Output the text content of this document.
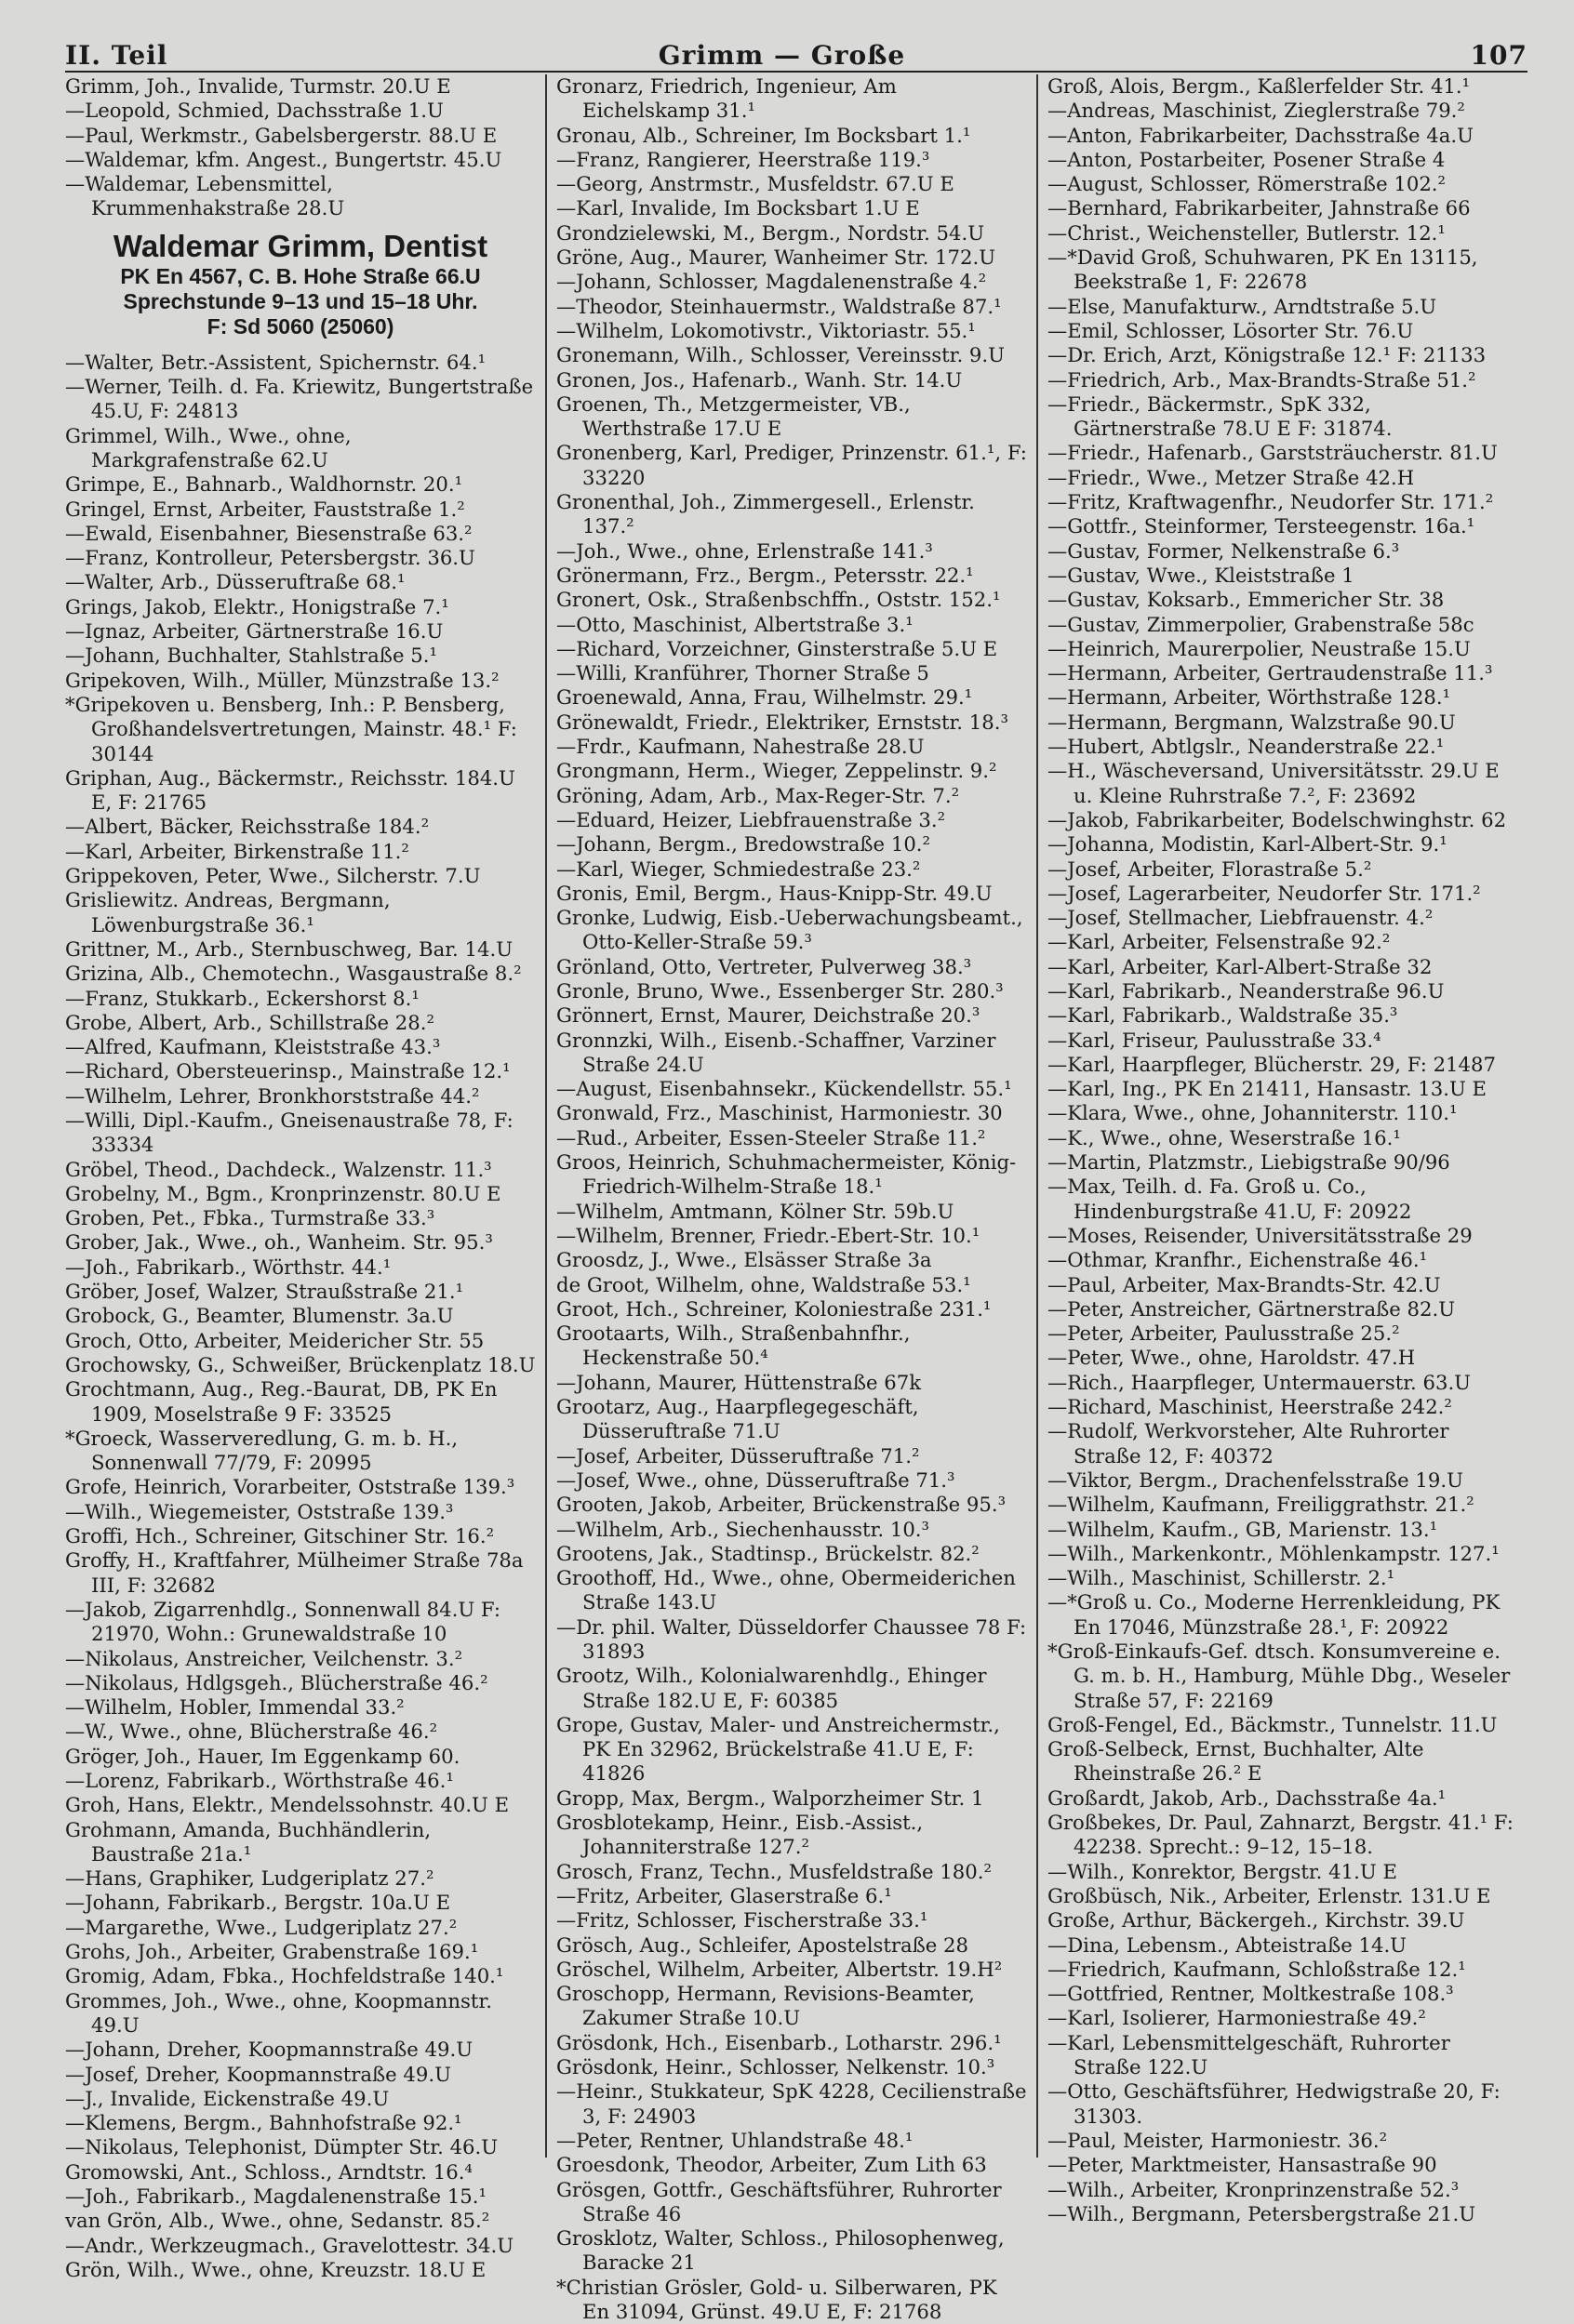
II. Teil	Grimm — Große	107
Grimm, Joh., Invalide, Turmstr. 20.U E
—Leopold, Schmied, Dachsstraße 1.U
—Paul, Werkmstr., Gabelsbergerstr. 88.U E
—Waldemar, kfm. Angest., Bungertstr. 45.U
—Waldemar, Lebensmittel, Krummenhakstraße 28.U
Waldemar Grimm, Dentist
PK En 4567, C. B. Hohe Straße 66.U
Sprechstunde 9–13 und 15–18 Uhr.
F: Sd 5060 (25060)
—Walter, Betr.-Assistent, Spichernstr. 64.¹
—Werner, Teilh. d. Fa. Kriewitz, Bungertstraße 45.U, F: 24813
Grimmel, Wilh., Wwe., ohne, Markgrafenstraße 62.U
Grimpe, E., Bahnarb., Waldhornstr. 20.¹
Gringel, Ernst, Arbeiter, Fauststraße 1.²
—Ewald, Eisenbahner, Biesenstraße 63.²
—Franz, Kontrolleur, Petersbergstr. 36.U
—Walter, Arb., Düsseruftraße 68.¹
Grings, Jakob, Elektr., Honigstraße 7.¹
—Ignaz, Arbeiter, Gärtnerstraße 16.U
—Johann, Buchhalter, Stahlstraße 5.¹
Gripekoven, Wilh., Müller, Münzstraße 13.²
*Gripekoven u. Bensberg, Inh.: P. Bensberg, Großhandelsvertretungen, Mainstr. 48.¹ F: 30144
Griphan, Aug., Bäckermstr., Reichsstr. 184.U E, F: 21765
—Albert, Bäcker, Reichsstraße 184.²
—Karl, Arbeiter, Birkenstraße 11.²
Grippekoven, Peter, Wwe., Silcherstr. 7.U
Grisliewitz. Andreas, Bergmann, Löwenburgstraße 36.¹
Grittner, M., Arb., Sternbuschweg, Bar. 14.U
Grizina, Alb., Chemotechn., Wasgaustraße 8.²
—Franz, Stukkarb., Eckershorst 8.¹
Grobe, Albert, Arb., Schillstraße 28.²
—Alfred, Kaufmann, Kleiststraße 43.³
—Richard, Obersteuerinsp., Mainstraße 12.¹
—Wilhelm, Lehrer, Bronkhorststraße 44.²
—Willi, Dipl.-Kaufm., Gneisenaustraße 78, F: 33334
Gröbel, Theod., Dachdeck., Walzenstr. 11.³
Grobelny, M., Bgm., Kronprinzenstr. 80.U E
Groben, Pet., Fbka., Turmstraße 33.³
Grober, Jak., Wwe., oh., Wanheim. Str. 95.³
—Joh., Fabrikarb., Wörthstr. 44.¹
Gröber, Josef, Walzer, Straußstraße 21.¹
Grobock, G., Beamter, Blumenstr. 3a.U
Groch, Otto, Arbeiter, Meidericher Str. 55
Grochowsky, G., Schweißer, Brückenplatz 18.U
Grochtmann, Aug., Reg.-Baurat, DB, PK En 1909, Moselstraße 9 F: 33525
*Groeck, Wasserveredlung, G. m. b. H., Sonnenwall 77/79, F: 20995
Grofe, Heinrich, Vorarbeiter, Oststraße 139.³
—Wilh., Wiegemeister, Oststraße 139.³
Groffi, Hch., Schreiner, Gitschiner Str. 16.²
Groffy, H., Kraftfahrer, Mülheimer Straße 78a III, F: 32682
—Jakob, Zigarrenhdlg., Sonnenwall 84.U F: 21970, Wohn.: Grunewaldstraße 10
—Nikolaus, Anstreicher, Veilchenstr. 3.²
—Nikolaus, Hdlgsgeh., Blücherstraße 46.²
—Wilhelm, Hobler, Immendal 33.²
—W., Wwe., ohne, Blücherstraße 46.²
Gröger, Joh., Hauer, Im Eggenkamp 60.
—Lorenz, Fabrikarb., Wörthstraße 46.¹
Groh, Hans, Elektr., Mendelssohnstr. 40.U E
Grohmann, Amanda, Buchhändlerin, Baustraße 21a.¹
—Hans, Graphiker, Ludgeriplatz 27.²
—Johann, Fabrikarb., Bergstr. 10a.U E
—Margarethe, Wwe., Ludgeriplatz 27.²
Grohs, Joh., Arbeiter, Grabenstraße 169.¹
Gromig, Adam, Fbka., Hochfeldstraße 140.¹
Grommes, Joh., Wwe., ohne, Koopmannstr. 49.U
—Johann, Dreher, Koopmannstraße 49.U
—Josef, Dreher, Koopmannstraße 49.U
—J., Invalide, Eickenstraße 49.U
—Klemens, Bergm., Bahnhofstraße 92.¹
—Nikolaus, Telephonist, Dümpter Str. 46.U
Gromowski, Ant., Schloss., Arndtstr. 16.⁴
—Joh., Fabrikarb., Magdalenenstraße 15.¹
van Grön, Alb., Wwe., ohne, Sedanstr. 85.²
—Andr., Werkzeugmach., Gravelottestr. 34.U
Grön, Wilh., Wwe., ohne, Kreuzstr. 18.U E
Gronarz, Friedrich, Ingenieur, Am Eichelskamp 31.¹
Gronau, Alb., Schreiner, Im Bocksbart 1.¹
—Franz, Rangierer, Heerstraße 119.³
—Georg, Anstrmstr., Musfeldstr. 67.U E
—Karl, Invalide, Im Bocksbart 1.U E
Grondzielewski, M., Bergm., Nordstr. 54.U
Gröne, Aug., Maurer, Wanheimer Str. 172.U
—Johann, Schlosser, Magdalenenstraße 4.²
—Theodor, Steinhauermstr., Waldstraße 87.¹
—Wilhelm, Lokomotivstr., Viktoriastr. 55.¹
Gronemann, Wilh., Schlosser, Vereinsstr. 9.U
Gronen, Jos., Hafenarb., Wanh. Str. 14.U
Groenen, Th., Metzgermeister, VB., Werthstraße 17.U E
Gronenberg, Karl, Prediger, Prinzenstr. 61.¹, F: 33220
Gronenthal, Joh., Zimmergesell., Erlenstr. 137.²
—Joh., Wwe., ohne, Erlenstraße 141.³
Grönermann, Frz., Bergm., Petersstr. 22.¹
Gronert, Osk., Straßenbschffn., Oststr. 152.¹
—Otto, Maschinist, Albertstraße 3.¹
—Richard, Vorzeichner, Ginsterstraße 5.U E
—Willi, Kranführer, Thorner Straße 5
Groenewald, Anna, Frau, Wilhelmstr. 29.¹
Grönewaldt, Friedr., Elektriker, Ernststr. 18.³
—Frdr., Kaufmann, Nahestraße 28.U
Grongmann, Herm., Wieger, Zeppelinstr. 9.²
Gröning, Adam, Arb., Max-Reger-Str. 7.²
—Eduard, Heizer, Liebfrauenstraße 3.²
—Johann, Bergm., Bredowstraße 10.²
—Karl, Wieger, Schmiedestraße 23.²
Gronis, Emil, Bergm., Haus-Knipp-Str. 49.U
Gronke, Ludwig, Eisb.-Ueberwachungsbeamt., Otto-Keller-Straße 59.³
Grönland, Otto, Vertreter, Pulverweg 38.³
Gronle, Bruno, Wwe., Essenberger Str. 280.³
Grönnert, Ernst, Maurer, Deichstraße 20.³
Gronnzki, Wilh., Eisenb.-Schaffner, Varziner Straße 24.U
—August, Eisenbahnsekr., Kückendellstr. 55.¹
Gronwald, Frz., Maschinist, Harmoniestr. 30
—Rud., Arbeiter, Essen-Steeler Straße 11.²
Groos, Heinrich, Schuhmachermeister, König-Friedrich-Wilhelm-Straße 18.¹
—Wilhelm, Amtmann, Kölner Str. 59b.U
—Wilhelm, Brenner, Friedr.-Ebert-Str. 10.¹
Groosdz, J., Wwe., Elsässer Straße 3a
de Groot, Wilhelm, ohne, Waldstraße 53.¹
Groot, Hch., Schreiner, Koloniestraße 231.¹
Grootaarts, Wilh., Straßenbahnfhr., Heckenstraße 50.⁴
—Johann, Maurer, Hüttenstraße 67k
Grootarz, Aug., Haarpflegegeschäft, Düsseruftraße 71.U
—Josef, Arbeiter, Düsseruftraße 71.²
—Josef, Wwe., ohne, Düsseruftraße 71.³
Grooten, Jakob, Arbeiter, Brückenstraße 95.³
—Wilhelm, Arb., Siechenhausstr. 10.³
Grootens, Jak., Stadtinsp., Brückelstr. 82.²
Groothoff, Hd., Wwe., ohne, Obermeiderichen Straße 143.U
—Dr. phil. Walter, Düsseldorfer Chaussee 78 F: 31893
Grootz, Wilh., Kolonialwarenhdlg., Ehinger Straße 182.U E, F: 60385
Grope, Gustav, Maler- und Anstreichermstr., PK En 32962, Brückelstraße 41.U E, F: 41826
Gropp, Max, Bergm., Walporzheimer Str. 1
Grosblotekamp, Heinr., Eisb.-Assist., Johanniterstraße 127.²
Grosch, Franz, Techn., Musfeldstraße 180.²
—Fritz, Arbeiter, Glaserstraße 6.¹
—Fritz, Schlosser, Fischerstraße 33.¹
Grösch, Aug., Schleifer, Apostelstraße 28
Gröschel, Wilhelm, Arbeiter, Albertstr. 19.H²
Groschopp, Hermann, Revisions-Beamter, Zakumer Straße 10.U
Grösdonk, Hch., Eisenbarb., Lotharstr. 296.¹
Grösdonk, Heinr., Schlosser, Nelkenstr. 10.³
—Heinr., Stukkateur, SpK 4228, Cecilienstraße 3, F: 24903
—Peter, Rentner, Uhlandstraße 48.¹
Groesdonk, Theodor, Arbeiter, Zum Lith 63
Grösgen, Gottfr., Geschäftsführer, Ruhrorter Straße 46
Grosklotz, Walter, Schloss., Philosophenweg, Baracke 21
*Christian Grösler, Gold- u. Silberwaren, PK En 31094, Grünst. 49.U E, F: 21768
Groß, Alois, Bergm., Kaßlerfelder Str. 41.¹
—Andreas, Maschinist, Zieglerstraße 79.²
—Anton, Fabrikarbeiter, Dachsstraße 4a.U
—Anton, Postarbeiter, Posener Straße 4
—August, Schlosser, Römerstraße 102.²
—Bernhard, Fabrikarbeiter, Jahnstraße 66
—Christ., Weichensteller, Butlerstr. 12.¹
—*David Groß, Schuhwaren, PK En 13115, Beekstraße 1, F: 22678
—Else, Manufakturw., Arndtstraße 5.U
—Emil, Schlosser, Lösorter Str. 76.U
—Dr. Erich, Arzt, Königstraße 12.¹ F: 21133
—Friedrich, Arb., Max-Brandts-Straße 51.²
—Friedr., Bäckermstr., SpK 332, Gärtnerstraße 78.U E F: 31874.
—Friedr., Hafenarb., Garststräucherstr. 81.U
—Friedr., Wwe., Metzer Straße 42.H
—Fritz, Kraftwagenfhr., Neudorfer Str. 171.²
—Gottfr., Steinformer, Tersteegenstr. 16a.¹
—Gustav, Former, Nelkenstraße 6.³
—Gustav, Wwe., Kleiststraße 1
—Gustav, Koksarb., Emmericher Str. 38
—Gustav, Zimmerpolier, Grabenstraße 58c
—Heinrich, Maurerpolier, Neustraße 15.U
—Hermann, Arbeiter, Gertraudenstraße 11.³
—Hermann, Arbeiter, Wörthstraße 128.¹
—Hermann, Bergmann, Walzstraße 90.U
—Hubert, Abtlgslr., Neanderstraße 22.¹
—H., Wäscheversand, Universitätsstr. 29.U E u. Kleine Ruhrstraße 7.², F: 23692
—Jakob, Fabrikarbeiter, Bodelschwinghstr. 62
—Johanna, Modistin, Karl-Albert-Str. 9.¹
—Josef, Arbeiter, Florastraße 5.²
—Josef, Lagerarbeiter, Neudorfer Str. 171.²
—Josef, Stellmacher, Liebfrauenstr. 4.²
—Karl, Arbeiter, Felsenstraße 92.²
—Karl, Arbeiter, Karl-Albert-Straße 32
—Karl, Fabrikarb., Neanderstraße 96.U
—Karl, Fabrikarb., Waldstraße 35.³
—Karl, Friseur, Paulusstraße 33.⁴
—Karl, Haarpfleger, Blücherstr. 29, F: 21487
—Karl, Ing., PK En 21411, Hansastr. 13.U E
—Klara, Wwe., ohne, Johanniterstr. 110.¹
—K., Wwe., ohne, Weserstraße 16.¹
—Martin, Platzmstr., Liebigstraße 90/96
—Max, Teilh. d. Fa. Groß u. Co., Hindenburgstraße 41.U, F: 20922
—Moses, Reisender, Universitätsstraße 29
—Othmar, Kranfhr., Eichenstraße 46.¹
—Paul, Arbeiter, Max-Brandts-Str. 42.U
—Peter, Anstreicher, Gärtnerstraße 82.U
—Peter, Arbeiter, Paulusstraße 25.²
—Peter, Wwe., ohne, Haroldstr. 47.H
—Rich., Haarpfleger, Untermauerstr. 63.U
—Richard, Maschinist, Heerstraße 242.²
—Rudolf, Werkvorsteher, Alte Ruhrorter Straße 12, F: 40372
—Viktor, Bergm., Drachenfelsstraße 19.U
—Wilhelm, Kaufmann, Freiliggrathstr. 21.²
—Wilhelm, Kaufm., GB, Marienstr. 13.¹
—Wilh., Markenkontr., Möhlenkampstr. 127.¹
—Wilh., Maschinist, Schillerstr. 2.¹
—*Groß u. Co., Moderne Herrenkleidung, PK En 17046, Münzstraße 28.¹, F: 20922
*Groß-Einkaufs-Gef. dtsch. Konsumvereine e. G. m. b. H., Hamburg, Mühle Dbg., Weseler Straße 57, F: 22169
Groß-Fengel, Ed., Bäckmstr., Tunnelstr. 11.U
Groß-Selbeck, Ernst, Buchhalter, Alte Rheinstraße 26.² E
Großardt, Jakob, Arb., Dachsstraße 4a.¹
Großbekes, Dr. Paul, Zahnarzt, Bergstr. 41.¹ F: 42238. Sprecht.: 9–12, 15–18.
—Wilh., Konrektor, Bergstr. 41.U E
Großbüsch, Nik., Arbeiter, Erlenstr. 131.U E
Große, Arthur, Bäckergeh., Kirchstr. 39.U
—Dina, Lebensm., Abteistraße 14.U
—Friedrich, Kaufmann, Schloßstraße 12.¹
—Gottfried, Rentner, Moltkestraße 108.³
—Karl, Isolierer, Harmoniestraße 49.²
—Karl, Lebensmittelgeschäft, Ruhrorter Straße 122.U
—Otto, Geschäftsführer, Hedwigstraße 20, F: 31303.
—Paul, Meister, Harmoniestr. 36.²
—Peter, Marktmeister, Hansastraße 90
—Wilh., Arbeiter, Kronprinzenstraße 52.³
—Wilh., Bergmann, Petersbergstraße 21.U
